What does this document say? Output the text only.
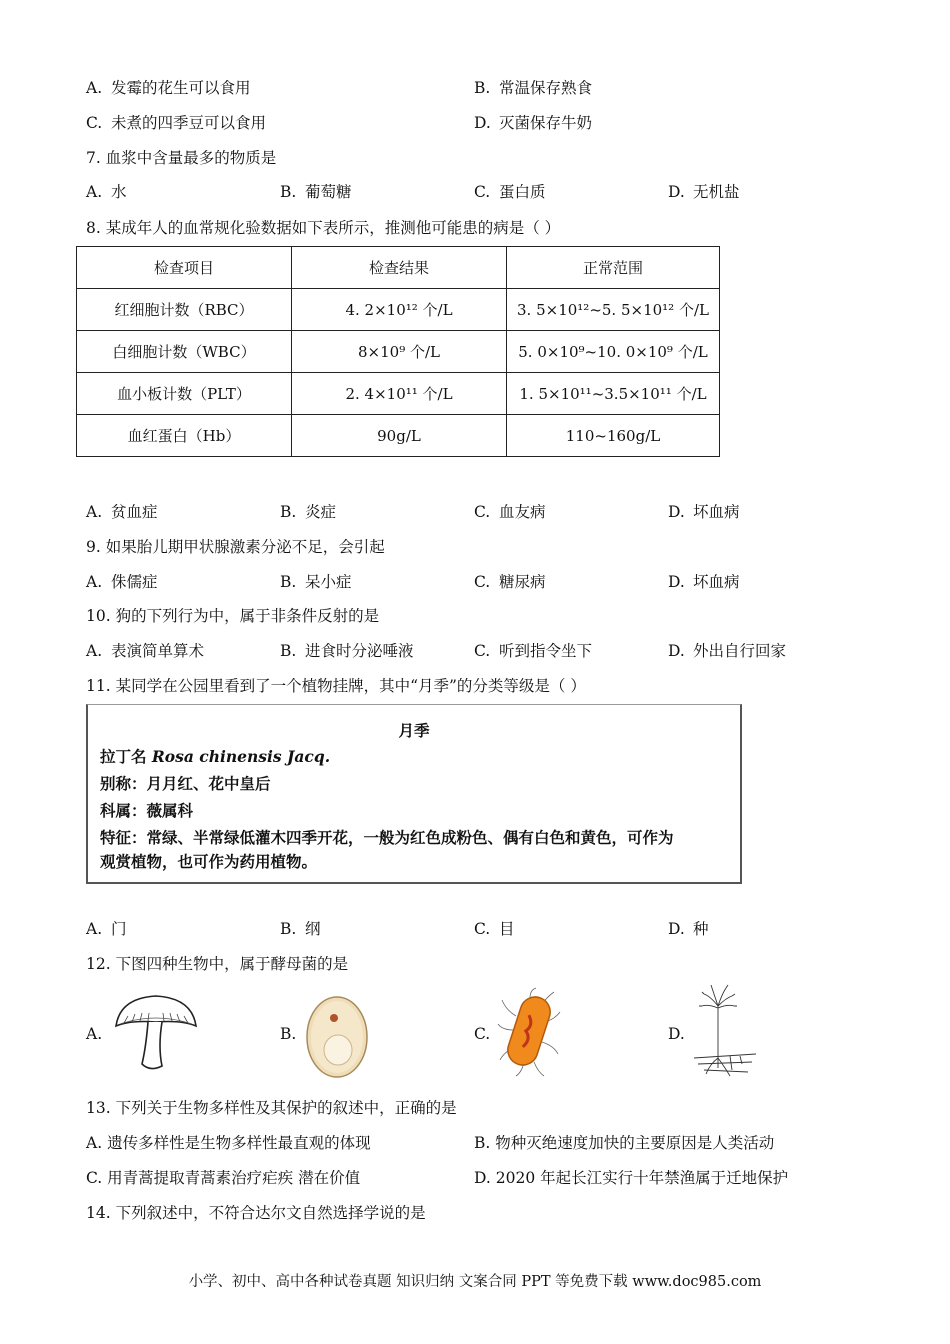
A. 发霉的花生可以食用	B. 常温保存熟食
C. 未煮的四季豆可以食用	D. 灭菌保存牛奶
7. 血浆中含量最多的物质是
A. 水	B. 葡萄糖	C. 蛋白质	D. 无机盐
8. 某成年人的血常规化验数据如下表所示，推测他可能患的病是（ ）
检查项目	检查结果	正常范围
红细胞计数（RBC）	4. 2×10¹² 个/L	3. 5×10¹²~5. 5×10¹² 个/L
白细胞计数（WBC）	8×10⁹ 个/L	5. 0×10⁹~10. 0×10⁹ 个/L
血小板计数（PLT）	2. 4×10¹¹ 个/L	1. 5×10¹¹~3.5×10¹¹ 个/L
血红蛋白（Hb）	90g/L	110~160g/L
A. 贫血症	B. 炎症	C. 血友病	D. 坏血病
9. 如果胎儿期甲状腺激素分泌不足，会引起
A. 侏儒症	B. 呆小症	C. 糖尿病	D. 坏血病
10. 狗的下列行为中，属于非条件反射的是
A. 表演简单算术	B. 进食时分泌唾液	C. 听到指令坐下	D. 外出自行回家
11. 某同学在公园里看到了一个植物挂牌，其中“月季”的分类等级是（ ）
月季
拉丁名 Rosa chinensis Jacq.
别称：月月红、花中皇后
科属：薇属科
特征：常绿、半常绿低灌木四季开花，一般为红色成粉色、偶有白色和黄色，可作为
观赏植物，也可作为药用植物。
A. 门	B. 纲	C. 目	D. 种
12. 下图四种生物中，属于酵母菌的是
A.	B.	C.	D.
13. 下列关于生物多样性及其保护的叙述中，正确的是
A. 遗传多样性是生物多样性最直观的体现	B. 物种灭绝速度加快的主要原因是人类活动
C. 用青蒿提取青蒿素治疗疟疾 潜在价值	D. 2020 年起长江实行十年禁渔属于迁地保护
14. 下列叙述中，不符合达尔文自然选择学说的是
小学、初中、高中各种试卷真题 知识归纳 文案合同 PPT 等免费下载 www.doc985.com
